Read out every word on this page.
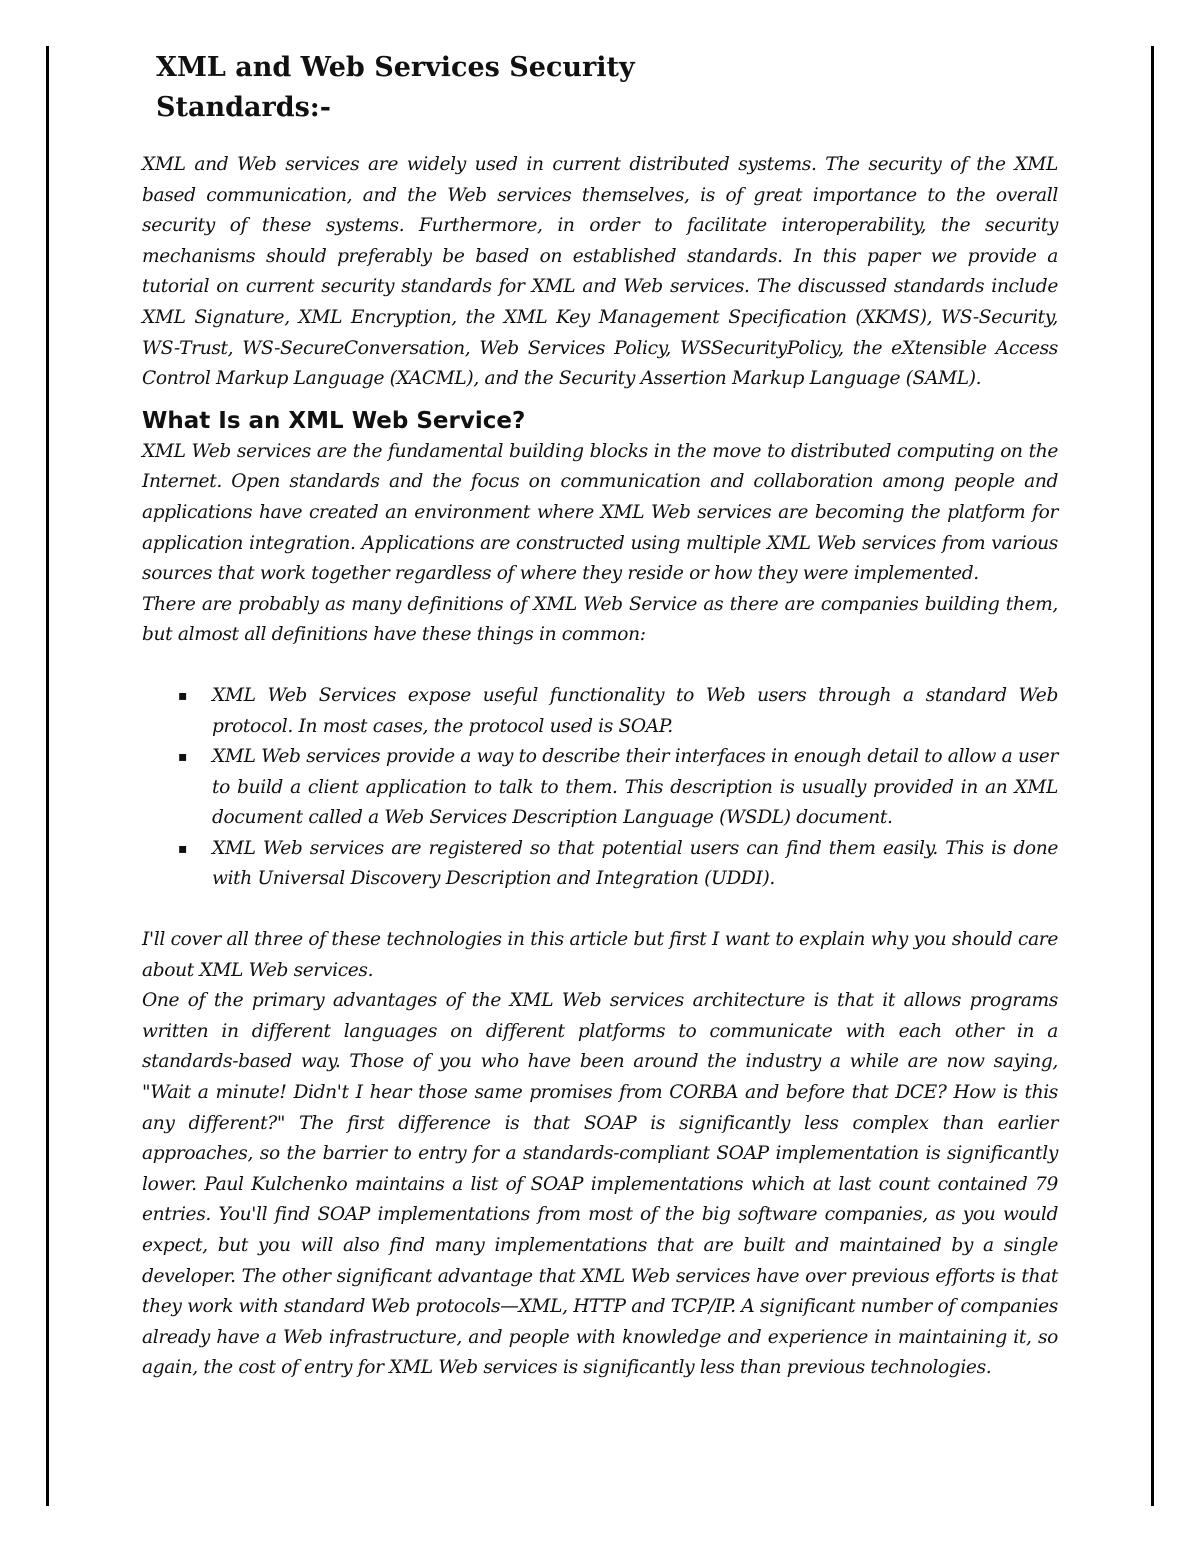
XML and Web Services Security Standards:-

XML and Web services are widely used in current distributed systems. The security of the XML based communication, and the Web services themselves, is of great importance to the overall security of these systems. Furthermore, in order to facilitate interoperability, the security mechanisms should preferably be based on established standards. In this paper we provide a tutorial on current security standards for XML and Web services. The discussed standards include XML Signature, XML Encryption, the XML Key Management Specification (XKMS), WS-Security, WS-Trust, WS-SecureConversation, Web Services Policy, WSSecurityPolicy, the eXtensible Access Control Markup Language (XACML), and the Security Assertion Markup Language (SAML).

What Is an XML Web Service?

XML Web services are the fundamental building blocks in the move to distributed computing on the Internet. Open standards and the focus on communication and collaboration among people and applications have created an environment where XML Web services are becoming the platform for application integration. Applications are constructed using multiple XML Web services from various sources that work together regardless of where they reside or how they were implemented.

There are probably as many definitions of XML Web Service as there are companies building them, but almost all definitions have these things in common:

▪ XML Web Services expose useful functionality to Web users through a standard Web protocol. In most cases, the protocol used is SOAP.
▪ XML Web services provide a way to describe their interfaces in enough detail to allow a user to build a client application to talk to them. This description is usually provided in an XML document called a Web Services Description Language (WSDL) document.
▪ XML Web services are registered so that potential users can find them easily. This is done with Universal Discovery Description and Integration (UDDI).

I'll cover all three of these technologies in this article but first I want to explain why you should care about XML Web services.

One of the primary advantages of the XML Web services architecture is that it allows programs written in different languages on different platforms to communicate with each other in a standards-based way. Those of you who have been around the industry a while are now saying, "Wait a minute! Didn't I hear those same promises from CORBA and before that DCE? How is this any different?" The first difference is that SOAP is significantly less complex than earlier approaches, so the barrier to entry for a standards-compliant SOAP implementation is significantly lower. Paul Kulchenko maintains a list of SOAP implementations which at last count contained 79 entries. You'll find SOAP implementations from most of the big software companies, as you would expect, but you will also find many implementations that are built and maintained by a single developer. The other significant advantage that XML Web services have over previous efforts is that they work with standard Web protocols—XML, HTTP and TCP/IP. A significant number of companies already have a Web infrastructure, and people with knowledge and experience in maintaining it, so again, the cost of entry for XML Web services is significantly less than previous technologies.
